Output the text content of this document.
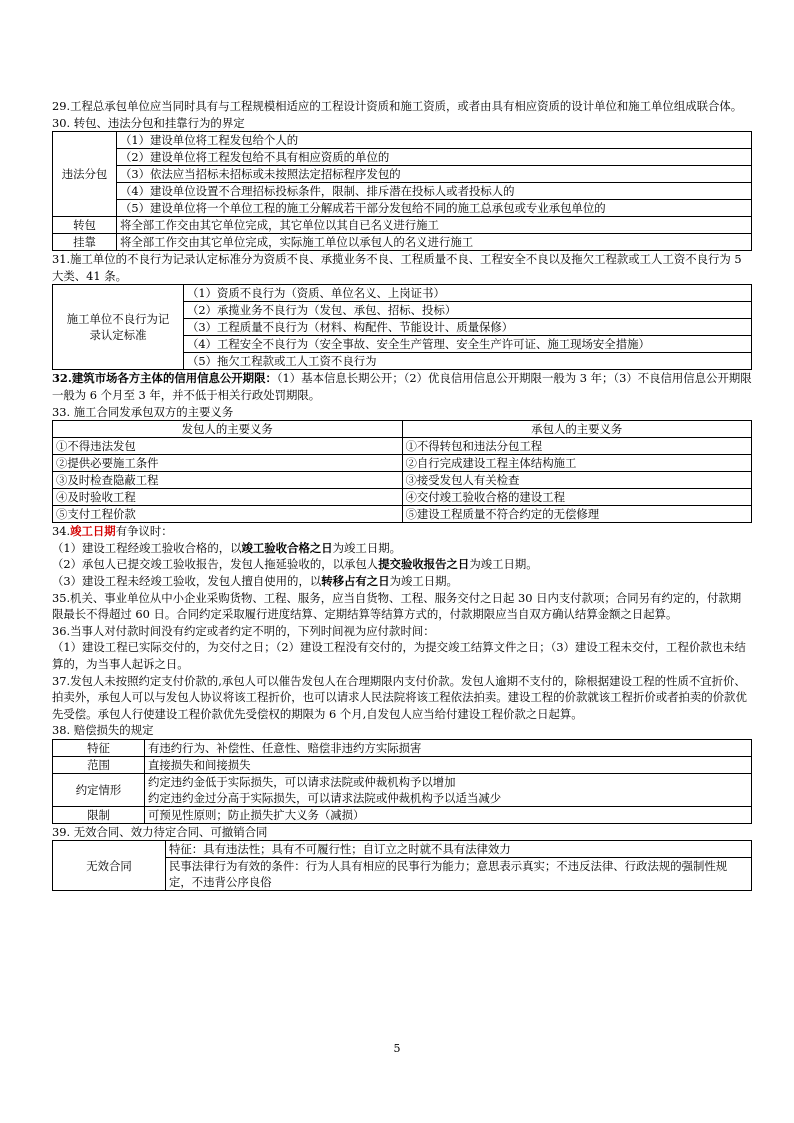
29.工程总承包单位应当同时具有与工程规模相适应的工程设计资质和施工资质，或者由具有相应资质的设计单位和施工单位组成联合体。

30. 转包、违法分包和挂靠行为的界定

违法分包	（1）建设单位将工程发包给个人的
	（2）建设单位将工程发包给不具有相应资质的单位的
	（3）依法应当招标未招标或未按照法定招标程序发包的
	（4）建设单位设置不合理招标投标条件，限制、排斥潜在投标人或者投标人的
	（5）建设单位将一个单位工程的施工分解成若干部分发包给不同的施工总承包或专业承包单位的
转包	将全部工作交由其它单位完成，其它单位以其自已名义进行施工
挂靠	将全部工作交由其它单位完成，实际施工单位以承包人的名义进行施工

31.施工单位的不良行为记录认定标准分为资质不良、承揽业务不良、工程质量不良、工程安全不良以及拖欠工程款或工人工资不良行为 5 大类、41 条。

施工单位不良行为记录认定标准	（1）资质不良行为（资质、单位名义、上岗证书）
（2）承揽业务不良行为（发包、承包、招标、投标）
（3）工程质量不良行为（材料、构配件、节能设计、质量保修）
（4）工程安全不良行为（安全事故、安全生产管理、安全生产许可证、施工现场安全措施）
（5）拖欠工程款或工人工资不良行为

32.建筑市场各方主体的信用信息公开期限：（1）基本信息长期公开；（2）优良信用信息公开期限一般为 3 年；（3）不良信用信息公开期限一般为 6 个月至 3 年，并不低于相关行政处罚期限。

33. 施工合同发承包双方的主要义务

发包人的主要义务	承包人的主要义务
①不得违法发包	①不得转包和违法分包工程
②提供必要施工条件	②自行完成建设工程主体结构施工
③及时检查隐蔽工程	③接受发包人有关检查
④及时验收工程	④交付竣工验收合格的建设工程
⑤支付工程价款	⑤建设工程质量不符合约定的无偿修理

34.竣工日期有争议时：

（1）建设工程经竣工验收合格的，以竣工验收合格之日为竣工日期。

（2）承包人已提交竣工验收报告，发包人拖延验收的，以承包人提交验收报告之日为竣工日期。

（3）建设工程未经竣工验收，发包人擅自使用的，以转移占有之日为竣工日期。

35.机关、事业单位从中小企业采购货物、工程、服务，应当自货物、工程、服务交付之日起 30 日内支付款项；合同另有约定的，付款期限最长不得超过 60 日。合同约定采取履行进度结算、定期结算等结算方式的，付款期限应当自双方确认结算金额之日起算。

36.当事人对付款时间没有约定或者约定不明的，下列时间视为应付款时间：

（1）建设工程已实际交付的，为交付之日；（2）建设工程没有交付的，为提交竣工结算文件之日；（3）建设工程未交付，工程价款也未结算的，为当事人起诉之日。

37.发包人未按照约定支付价款的,承包人可以催告发包人在合理期限内支付价款。发包人逾期不支付的，除根据建设工程的性质不宜折价、拍卖外，承包人可以与发包人协议将该工程折价，也可以请求人民法院将该工程依法拍卖。建设工程的价款就该工程折价或者拍卖的价款优先受偿。承包人行使建设工程价款优先受偿权的期限为 6 个月,自发包人应当给付建设工程价款之日起算。

38. 赔偿损失的规定

特征	有违约行为、补偿性、任意性、赔偿非违约方实际损害
范围	直接损失和间接损失
约定情形	约定违约金低于实际损失，可以请求法院或仲裁机构予以增加
约定违约金过分高于实际损失，可以请求法院或仲裁机构予以适当减少

限制	可预见性原则；防止损失扩大义务（减损）

39. 无效合同、效力待定合同、可撤销合同

无效合同	特征：具有违法性；具有不可履行性；自订立之时就不具有法律效力
民事法律行为有效的条件：行为人具有相应的民事行为能力；意思表示真实；不违反法律、行政法规的强制性规定，不违背公序良俗
5
